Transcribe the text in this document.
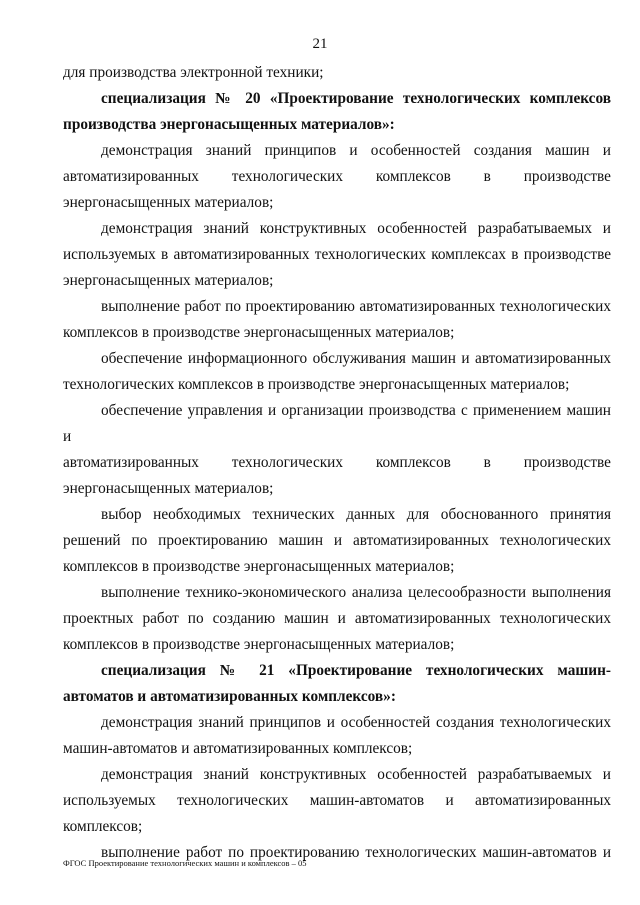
21

для производства электронной техники;

специализация № 20 «Проектирование технологических комплексов производства энергонасыщенных материалов»:

демонстрация знаний принципов и особенностей создания машин и

автоматизированных технологических комплексов в производстве

энергонасыщенных материалов;

демонстрация знаний конструктивных особенностей разрабатываемых и используемых в автоматизированных технологических комплексах в производстве энергонасыщенных материалов;

выполнение работ по проектированию автоматизированных технологических комплексов в производстве энергонасыщенных материалов;

обеспечение информационного обслуживания машин и автоматизированных технологических комплексов в производстве энергонасыщенных материалов;

обеспечение управления и организации производства с применением машин и

автоматизированных технологических комплексов в производстве

энергонасыщенных материалов;

выбор необходимых технических данных для обоснованного принятия решений по проектированию машин и автоматизированных технологических комплексов в производстве энергонасыщенных материалов;

выполнение технико-экономического анализа целесообразности выполнения проектных работ по созданию машин и автоматизированных технологических комплексов в производстве энергонасыщенных материалов;

специализация № 21 «Проектирование технологических машин-автоматов и автоматизированных комплексов»:

демонстрация знаний принципов и особенностей создания технологических машин-автоматов и автоматизированных комплексов;

демонстрация знаний конструктивных особенностей разрабатываемых и

используемых технологических машин-автоматов и автоматизированных

комплексов;

выполнение работ по проектированию технологических машин-автоматов и

ФГОС Проектирование технологических машин и комплексов – 05
